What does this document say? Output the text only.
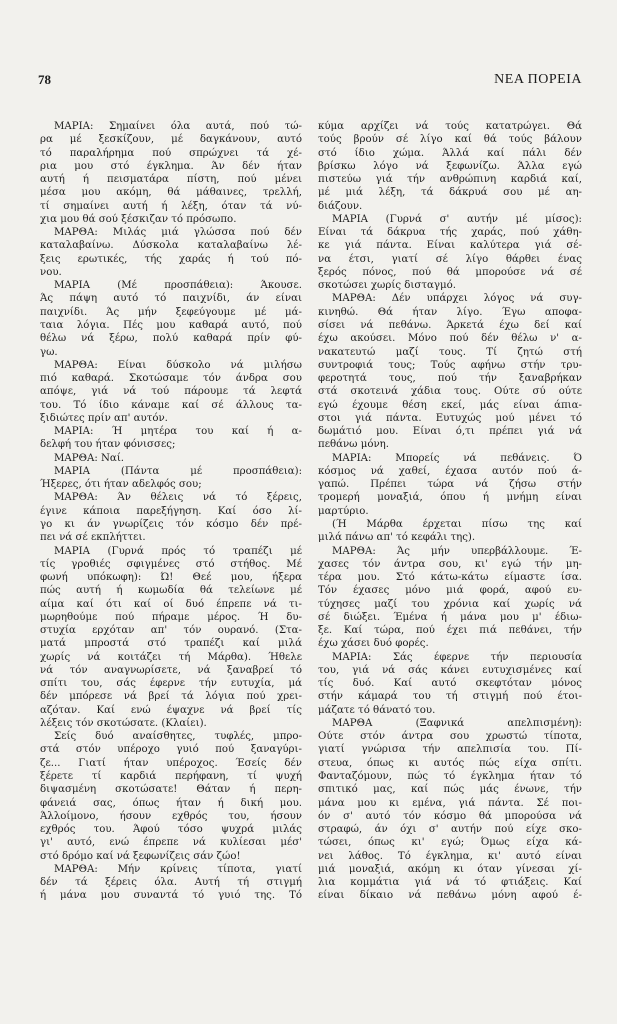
78	ΝΕΑ ΠΟΡΕΙΑ
ΜΑΡΙΑ: Σημαίνει όλα αυτά, πού τώ-
ρα μέ ξεσκίζουν, μέ δαγκάνουν, αυτό
τό παραλήρημα πού σπρώχνει τά χέ-
ρια μου στό έγκλημα. Άν δέν ήταν
αυτή ή πεισματάρα πίστη, πού μένει
μέσα μου ακόμη, θά μάθαινες, τρελλή,
τί σημαίνει αυτή ή λέξη, όταν τά νύ-
χια μου θά σού ξέσκιζαν τό πρόσωπο.
ΜΑΡΘΑ: Μιλάς μιά γλώσσα πού δέν
καταλαβαίνω. Δύσκολα καταλαβαίνω λέ-
ξεις ερωτικές, τής χαράς ή τού πό-
νου.
ΜΑΡΙΑ (Μέ προσπάθεια): Άκουσε.
Άς πάψη αυτό τό παιχνίδι, άν είναι
παιχνίδι. Άς μήν ξεφεύγουμε μέ μά-
ταια λόγια. Πές μου καθαρά αυτό, πού
θέλω νά ξέρω, πολύ καθαρά πρίν φύ-
γω.
ΜΑΡΘΑ: Είναι δύσκολο νά μιλήσω
πιό καθαρά. Σκοτώσαμε τόν άνδρα σου
απόψε, γιά νά τού πάρουμε τά λεφτά
του. Τό ίδιο κάναμε καί σέ άλλους τα-
ξιδιώτες πρίν απ' αυτόν.
ΜΑΡΙΑ: Ή μητέρα του καί ή α-
δελφή του ήταν φόνισσες;
ΜΑΡΘΑ: Ναί.
ΜΑΡΙΑ (Πάντα μέ προσπάθεια):
Ήξερες, ότι ήταν αδελφός σου;
ΜΑΡΘΑ: Άν θέλεις νά τό ξέρεις,
έγινε κάποια παρεξήγηση. Καί όσο λί-
γο κι άν γνωρίζεις τόν κόσμο δέν πρέ-
πει νά σέ εκπλήττει.
ΜΑΡΙΑ (Γυρνά πρός τό τραπέζι μέ
τίς γροθιές σφιγμένες στό στήθος. Μέ
φωνή υπόκωφη): Ώ! Θεέ μου, ήξερα
πώς αυτή ή κωμωδία θά τελείωνε μέ
αίμα καί ότι καί οί δυό έπρεπε νά τι-
μωρηθούμε πού πήραμε μέρος. Ή δυ-
στυχία ερχόταν απ' τόν ουρανό. (Στα-
ματά μπροστά στό τραπέζι καί μιλά
χωρίς νά κοιτάζει τή Μάρθα). Ήθελε
νά τόν αναγνωρίσετε, νά ξαναβρεί τό
σπίτι του, σάς έφερνε τήν ευτυχία, μά
δέν μπόρεσε νά βρεί τά λόγια πού χρει-
αζόταν. Καί ενώ έψαχνε νά βρεί τίς
λέξεις τόν σκοτώσατε. (Κλαίει).
Σείς δυό αναίσθητες, τυφλές, μπρο-
στά στόν υπέροχο γυιό πού ξαναγύρι-
ζε... Γιατί ήταν υπέροχος. Έσείς δέν
ξέρετε τί καρδιά περήφανη, τί ψυχή
διψασμένη σκοτώσατε! Θάταν ή περη-
φάνειά σας, όπως ήταν ή δική μου.
Άλλοίμονο, ήσουν εχθρός του, ήσουν
εχθρός του. Άφού τόσο ψυχρά μιλάς
γι' αυτό, ενώ έπρεπε νά κυλίεσαι μέσ'
στό δρόμο καί νά ξεφωνίζεις σάν ζώο!
ΜΑΡΘΑ: Μήν κρίνεις τίποτα, γιατί
δέν τά ξέρεις όλα. Αυτή τή στιγμή
ή μάνα μου συναντά τό γυιό της. Τό
κύμα αρχίζει νά τούς κατατρώγει. Θά
τούς βρούν σέ λίγο καί θά τούς βάλουν
στό ίδιο χώμα. Άλλά καί πάλι δέν
βρίσκω λόγο νά ξεφωνίζω. Άλλα εγώ
πιστεύω γιά τήν ανθρώπινη καρδιά καί,
μέ μιά λέξη, τά δάκρυά σου μέ αη-
διάζουν.
ΜΑΡΙΑ (Γυρνά σ' αυτήν μέ μίσος):
Είναι τά δάκρυα τής χαράς, πού χάθη-
κε γιά πάντα. Είναι καλύτερα γιά σέ-
να έτσι, γιατί σέ λίγο θάρθει ένας
ξερός πόνος, πού θά μπορούσε νά σέ
σκοτώσει χωρίς δισταγμό.
ΜΑΡΘΑ: Δέν υπάρχει λόγος νά συγ-
κινηθώ. Θά ήταν λίγο. Έγω αποφα-
σίσει νά πεθάνω. Άρκετά έχω δεί καί
έχω ακούσει. Μόνο πού δέν θέλω ν' α-
νακατευτώ μαζί τους. Τί ζητώ στή
συντροφιά τους; Τούς αφήνω στήν τρυ-
φεροτητά τους, πού τήν ξαναβρήκαν
στά σκοτεινά χάδια τους. Ούτε σύ ούτε
εγώ έχουμε θέση εκεί, μάς είναι άπια-
στοι γιά πάντα. Ευτυχώς μού μένει τό
δωμάτιό μου. Είναι ό,τι πρέπει γιά νά
πεθάνω μόνη.
ΜΑΡΙΑ: Μπορείς νά πεθάνεις. Ό
κόσμος νά χαθεί, έχασα αυτόν πού ά-
γαπώ. Πρέπει τώρα νά ζήσω στήν
τρομερή μοναξιά, όπου ή μνήμη είναι
μαρτύριο.
(Ή Μάρθα έρχεται πίσω της καί
μιλά πάνω απ' τό κεφάλι της).
ΜΑΡΘΑ: Άς μήν υπερβάλλουμε. Έ-
χασες τόν άντρα σου, κι' εγώ τήν μη-
τέρα μου. Στό κάτω-κάτω είμαστε ίσα.
Τόν έχασες μόνο μιά φορά, αφού ευ-
τύχησες μαζί του χρόνια καί χωρίς νά
σέ διώξει. Έμένα ή μάνα μου μ' έδιω-
ξε. Καί τώρα, πού έχει πιά πεθάνει, τήν
έχω χάσει δυό φορές.
ΜΑΡΙΑ: Σάς έφερνε τήν περιουσία
του, γιά νά σάς κάνει ευτυχισμένες καί
τίς δυό. Καί αυτό σκεφτόταν μόνος
στήν κάμαρά του τή στιγμή πού έτοι-
μάζατε τό θάνατό του.
ΜΑΡΘΑ (Ξαφνικά απελπισμένη):
Ούτε στόν άντρα σου χρωστώ τίποτα,
γιατί γνώρισα τήν απελπισία του. Πί-
στευα, όπως κι αυτός πώς είχα σπίτι.
Φανταζόμουν, πώς τό έγκλημα ήταν τό
σπιτικό μας, καί πώς μάς ένωνε, τήν
μάνα μου κι εμένα, γιά πάντα. Σέ ποι-
όν σ' αυτό τόν κόσμο θά μπορούσα νά
στραφώ, άν όχι σ' αυτήν πού είχε σκο-
τώσει, όπως κι' εγώ; Όμως είχα κά-
νει λάθος. Τό έγκλημα, κι' αυτό είναι
μιά μοναξιά, ακόμη κι όταν γίνεσαι χί-
λια κομμάτια γιά νά τό φτιάξεις. Καί
είναι δίκαιο νά πεθάνω μόνη αφού έ-
